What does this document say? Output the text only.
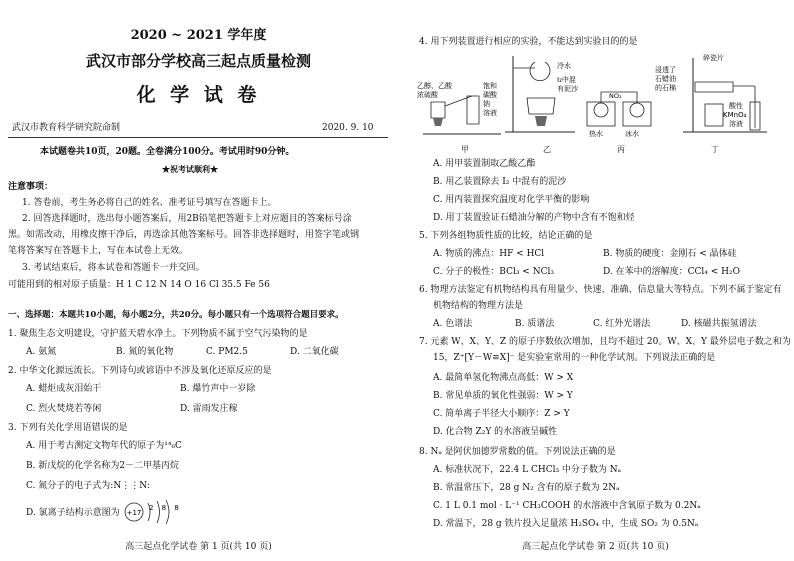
2020 ~ 2021 学年度
武汉市部分学校高三起点质量检测
化 学 试 卷
武汉市教育科学研究院命制	2020. 9. 10
本试题卷共10页，20题。全卷满分100分。考试用时90分钟。
★祝考试顺利★
注意事项：
1. 答卷前，考生务必将自己的姓名、准考证号填写在答题卡上。
2. 回答选择题时，选出每小题答案后，用2B铅笔把答题卡上对应题目的答案标号涂
黑。如需改动，用橡皮擦干净后，再选涂其他答案标号。回答非选择题时，用签字笔或钢
笔将答案写在答题卡上，写在本试卷上无效。
3. 考试结束后，将本试卷和答题卡一并交回。
可能用到的相对原子质量：H 1 C 12 N 14 O 16 Cl 35.5 Fe 56
一、选择题：本题共10小题，每小题2分，共20分。每小题只有一个选项符合题目要求。
1. 聚焦生态文明建设，守护蓝天碧水净土。下列物质不属于空气污染物的是
A. 氨氮	B. 氮的氧化物	C. PM2.5	D. 二氧化碳
2. 中华文化源远流长。下列诗句或谚语中不涉及氧化还原反应的是
A. 蜡炬成灰泪始干	B. 爆竹声中一岁除
C. 烈火焚烧若等闲	D. 雷雨发庄稼
3. 下列有关化学用语错误的是
A. 用于考古测定文物年代的原子为¹⁴₆C
B. 新戊烷的化学名称为2－二甲基丙烷
C. 氮分子的电子式为:N⋮⋮N:
D. 氯离子结构示意图为 +17
2 8 8
高三起点化学试卷 第 1 页(共 10 页)
4. 用下列装置进行相应的实验，不能达到实验目的的是
乙醇、乙酸
浓硫酸
饱和
碳酸
钠
溶液
冷水
I₂中混
有泥沙
NO₂
热水	冰水
碎瓷片
浸透了
石蜡油
的石棉
酸性
KMnO₄
溶液
甲	乙	丙	丁
A. 用甲装置制取乙酸乙酯
B. 用乙装置除去 I₂ 中混有的泥沙
C. 用丙装置探究温度对化学平衡的影响
D. 用丁装置验证石蜡油分解的产物中含有不饱和烃
5. 下列各组物质性质的比较，结论正确的是
A. 物质的沸点：HF < HCl	B. 物质的硬度：金刚石 < 晶体硅
C. 分子的极性：BCl₃ < NCl₃	D. 在苯中的溶解度：CCl₄ < H₂O
6. 物理方法鉴定有机物结构具有用量少、快速、准确、信息量大等特点。下列不属于鉴定有
机物结构的物理方法是
A. 色谱法	B. 质谱法	C. 红外光谱法	D. 核磁共振氢谱法
7. 元素 W、X、Y、Z 的原子序数依次增加，且均不超过 20。W、X、Y 最外层电子数之和为
15，Z⁺[Y－W≡X]⁻ 是实验室常用的一种化学试剂。下列说法正确的是
A. 最简单氢化物沸点高低：W > X
B. 常见单质的氧化性强弱：W > Y
C. 简单离子半径大小顺序：Z > Y
D. 化合物 Z₂Y 的水溶液呈碱性
8. Nₐ 是阿伏加德罗常数的值。下列说法正确的是
A. 标准状况下，22.4 L CHCl₃ 中分子数为 Nₐ
B. 常温常压下，28 g N₂ 含有的原子数为 2Nₐ
C. 1 L 0.1 mol · L⁻¹ CH₃COOH 的水溶液中含氧原子数为 0.2Nₐ
D. 常温下，28 g 铁片投入足量浓 H₂SO₄ 中，生成 SO₂ 为 0.5Nₐ
高三起点化学试卷 第 2 页(共 10 页)
